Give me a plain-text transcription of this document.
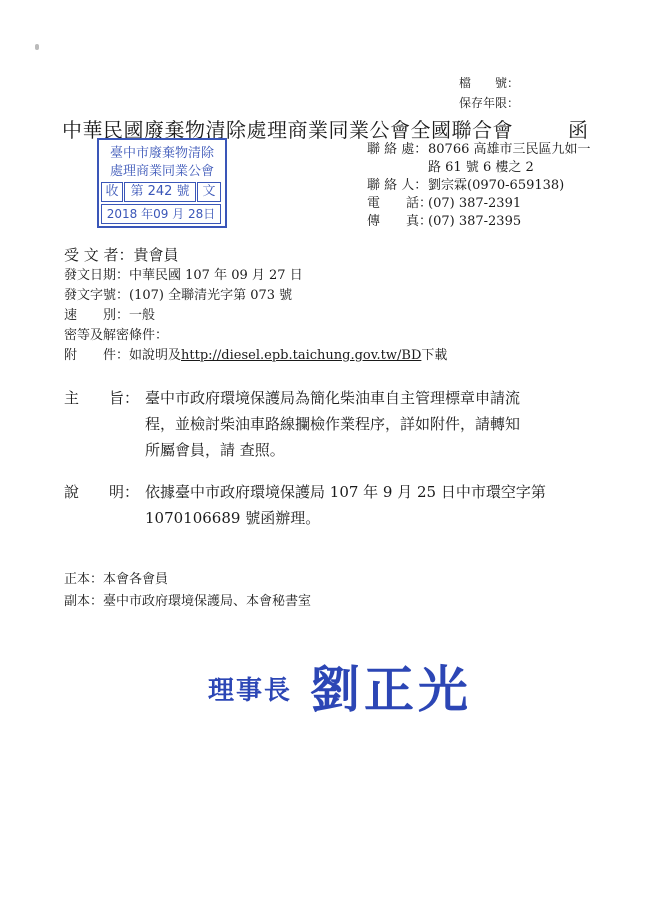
檔　　號：
保存年限：
中華民國廢棄物清除處理商業同業公會全國聯合會	函
臺中市廢棄物清除
處理商業同業公會
收 第 242 號 文
2018 年09 月 28日
聯 絡 處： 80766 高雄市三民區九如一
路 61 號 6 樓之 2
聯 絡 人： 劉宗霖(0970-659138)
電　　話：
(07) 387-2391
傳　　真：
(07) 387-2395
受 文 者：貴會員
發文日期：中華民國 107 年 09 月 27 日
發文字號：(107) 全聯清光字第 073 號
速　　別：一般
密等及解密條件：
附　　件：如說明及http://diesel.epb.taichung.gov.tw/BD下載
主　　旨： 臺中市政府環境保護局為簡化柴油車自主管理標章申請流
程，並檢討柴油車路線攔檢作業程序，詳如附件，請轉知
所屬會員，請 查照。
說　　明： 依據臺中市政府環境保護局 107 年 9 月 25 日中市環空字第
1070106689 號函辦理。
正本：本會各會員
副本：臺中市政府環境保護局、本會秘書室
理事長 劉正光
